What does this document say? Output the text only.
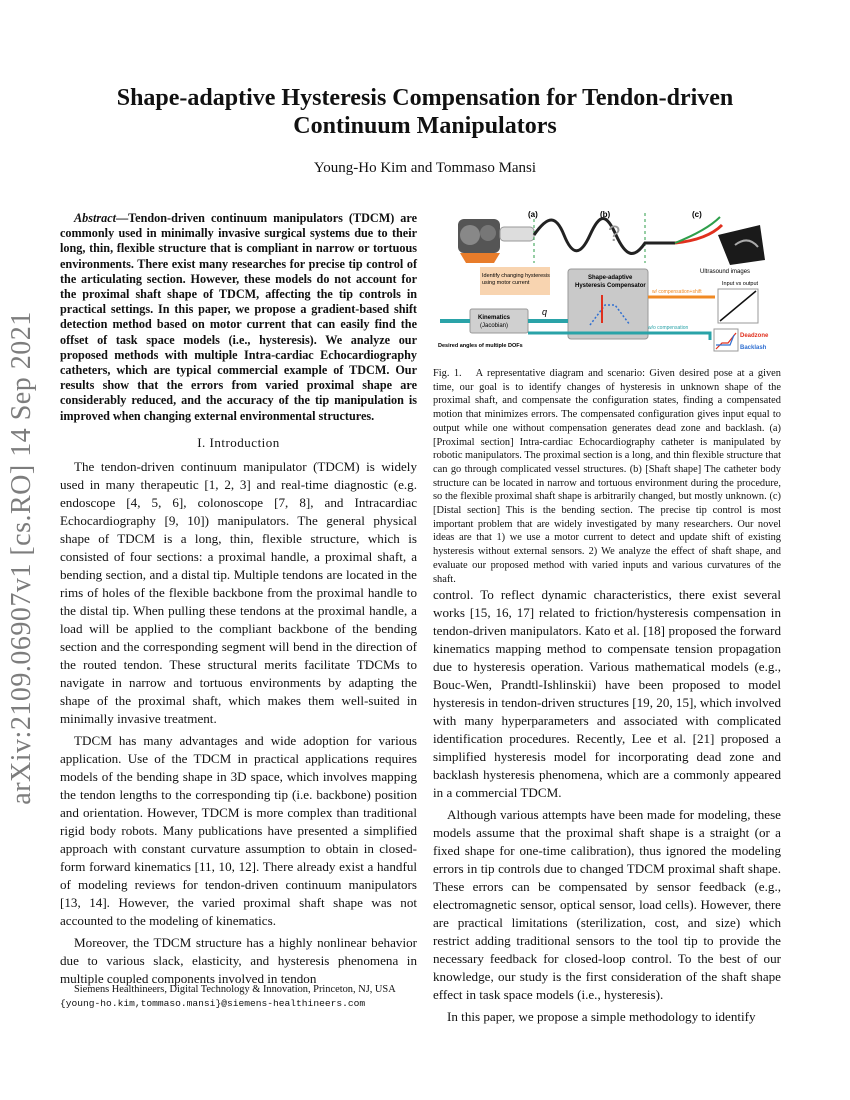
arXiv:2109.06907v1 [cs.RO] 14 Sep 2021
Shape-adaptive Hysteresis Compensation for Tendon-driven Continuum Manipulators
Young-Ho Kim and Tommaso Mansi

Abstract—Tendon-driven continuum manipulators (TDCM) are commonly used in minimally invasive surgical systems due to their long, thin, flexible structure that is compliant in narrow or tortuous environments. There exist many researches for precise tip control of the articulating section. However, these models do not account for the proximal shaft shape of TDCM, affecting the tip controls in practical settings. In this paper, we propose a gradient-based shift detection method based on motor current that can easily find the offset of task space models (i.e., hysteresis). We analyze our proposed methods with multiple Intra-cardiac Echocardiography catheters, which are typical commercial example of TDCM. Our results show that the errors from varied proximal shape are considerably reduced, and the accuracy of the tip manipulation is improved when changing external environmental structures.

I. Introduction

The tendon-driven continuum manipulator (TDCM) is widely used in many therapeutic [1, 2, 3] and real-time diagnostic (e.g. endoscope [4, 5, 6], colonoscope [7, 8], and Intracardiac Echocardiography [9, 10]) manipulators. The general physical shape of TDCM is a long, thin, flexible structure, which is consisted of four sections: a proximal handle, a proximal shaft, a bending section, and a distal tip. Multiple tendons are located in the rims of holes of the flexible backbone from the proximal handle to the distal tip. When pulling these tendons at the proximal handle, a load will be applied to the compliant backbone of the bending section and the corresponding segment will bend in the direction of the routed tendon. These structural merits facilitate TDCMs to navigate in narrow and tortuous environments by adapting the shape of the proximal shaft, which makes them well-suited in minimally invasive treatment.

TDCM has many advantages and wide adoption for various application. Use of the TDCM in practical applications requires models of the bending shape in 3D space, which involves mapping the tendon lengths to the corresponding tip (i.e. backbone) position and orientation. However, TDCM is more complex than traditional rigid body robots. Many publications have presented a simplified approach with constant curvature assumption to obtain in closed-form forward kinematics [11, 10, 12]. There already exist a handful of modeling reviews for tendon-driven continuum manipulators [13, 14]. However, the varied proximal shaft shape was not accounted to the modeling of kinematics.

Moreover, the TDCM structure has a highly nonlinear behavior due to various slack, elasticity, and hysteresis phenomena in multiple coupled components involved in tendon

Siemens Healthineers, Digital Technology & Innovation, Princeton, NJ, USA {young-ho.kim,tommaso.mansi}@siemens-healthineers.com

(a)	(b)	(c)
?
Ultrasound images
Identify changing hysteresis
using motor current
Shape-adaptive
Hysteresis Compensator
Kinematics
(Jacobian)
q
Desired angles of multiple DOFs
w/ compensation+shift
w/o compensation
Input vs output
Deadzone
Backlash
Fig. 1. A representative diagram and scenario: Given desired pose at a given time, our goal is to identify changes of hysteresis in unknown shape of the proximal shaft, and compensate the configuration states, finding a compensated motion that minimizes errors. The compensated configuration gives input equal to output while one without compensation generates dead zone and backlash. (a) [Proximal section] Intra-cardiac Echocardiography catheter is manipulated by robotic manipulators. The proximal section is a long, and thin flexible structure that can go through complicated vessel structures. (b) [Shaft shape] The catheter body structure can be located in narrow and tortuous environment during the procedure, so the flexible proximal shaft shape is arbitrarily changed, but mostly unknown. (c) [Distal section] This is the bending section. The precise tip control is most important problem that are widely investigated by many researchers. Our novel ideas are that 1) we use a motor current to detect and update shift of existing hysteresis without external sensors. 2) We analyze the effect of shaft shape, and evaluate our proposed method with varied inputs and various curvatures of the shaft.

control. To reflect dynamic characteristics, there exist several works [15, 16, 17] related to friction/hysteresis compensation in tendon-driven manipulators. Kato et al. [18] proposed the forward kinematics mapping method to compensate tension propagation due to hysteresis operation. Various mathematical models (e.g., Bouc-Wen, Prandtl-Ishlinskii) have been proposed to model hysteresis in tendon-driven structures [19, 20, 15], which involved with many hyperparameters and associated with complicated identification procedures. Recently, Lee et al. [21] proposed a simplified hysteresis model for incorporating dead zone and backlash hysteresis phenomena, which are a commonly appeared in a commercial TDCM.

Although various attempts have been made for modeling, these models assume that the proximal shaft shape is a straight (or a fixed shape for one-time calibration), thus ignored the modeling errors in tip controls due to changed TDCM proximal shaft shape. These errors can be compensated by sensor feedback (e.g., electromagnetic sensor, optical sensor, load cells). However, there are practical limitations (sterilization, cost, and size) which restrict adding traditional sensors to the tool tip to provide the necessary feedback for closed-loop control. To the best of our knowledge, our study is the first consideration of the shaft shape effect in task space models (i.e., hysteresis).

In this paper, we propose a simple methodology to identify
